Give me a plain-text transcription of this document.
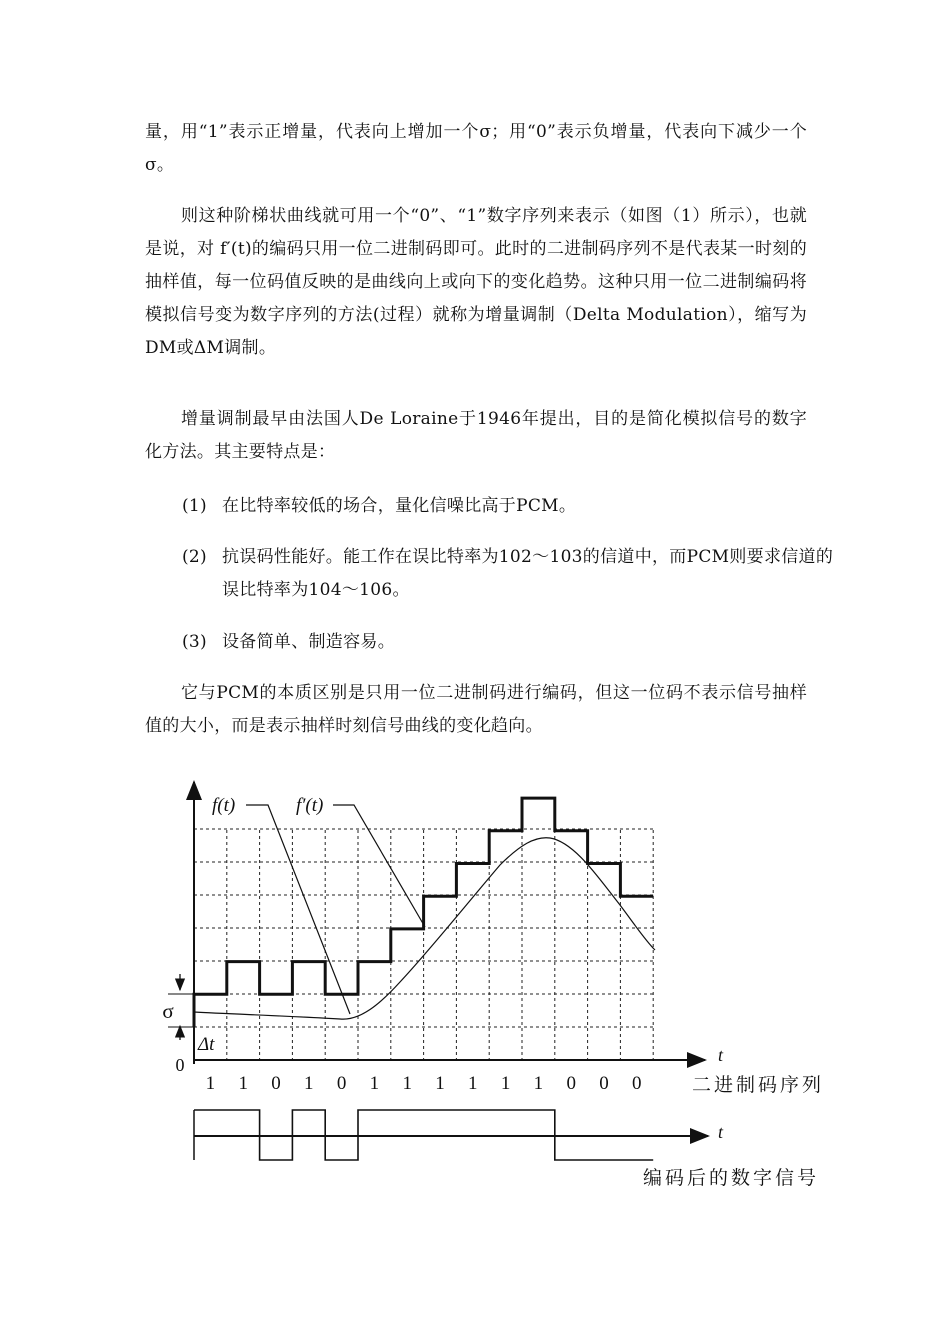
量，用“1”表示正增量，代表向上增加一个σ；用“0”表示负增量，代表向下减少一个σ。

则这种阶梯状曲线就可用一个“0”、“1”数字序列来表示（如图（1）所示），也就是说，对 f′(t)的编码只用一位二进制码即可。此时的二进制码序列不是代表某一时刻的抽样值，每一位码值反映的是曲线向上或向下的变化趋势。这种只用一位二进制编码将模拟信号变为数字序列的方法(过程）就称为增量调制（Delta Modulation），缩写为DM或ΔM调制。

增量调制最早由法国人De Loraine于1946年提出，目的是简化模拟信号的数字化方法。其主要特点是：

(1) 在比特率较低的场合，量化信噪比高于PCM。
(2) 抗误码性能好。能工作在误比特率为102～103的信道中，而PCM则要求信道的误比特率为104～106。
(3) 设备简单、制造容易。

它与PCM的本质区别是只用一位二进制码进行编码，但这一位码不表示信号抽样值的大小，而是表示抽样时刻信号曲线的变化趋向。

σ
Δt
0	t
f(t)	f′(t)
1 1 0 1 0 1 1 1 1 1 1 0 0 0	二进制码序列
t
编码后的数字信号
